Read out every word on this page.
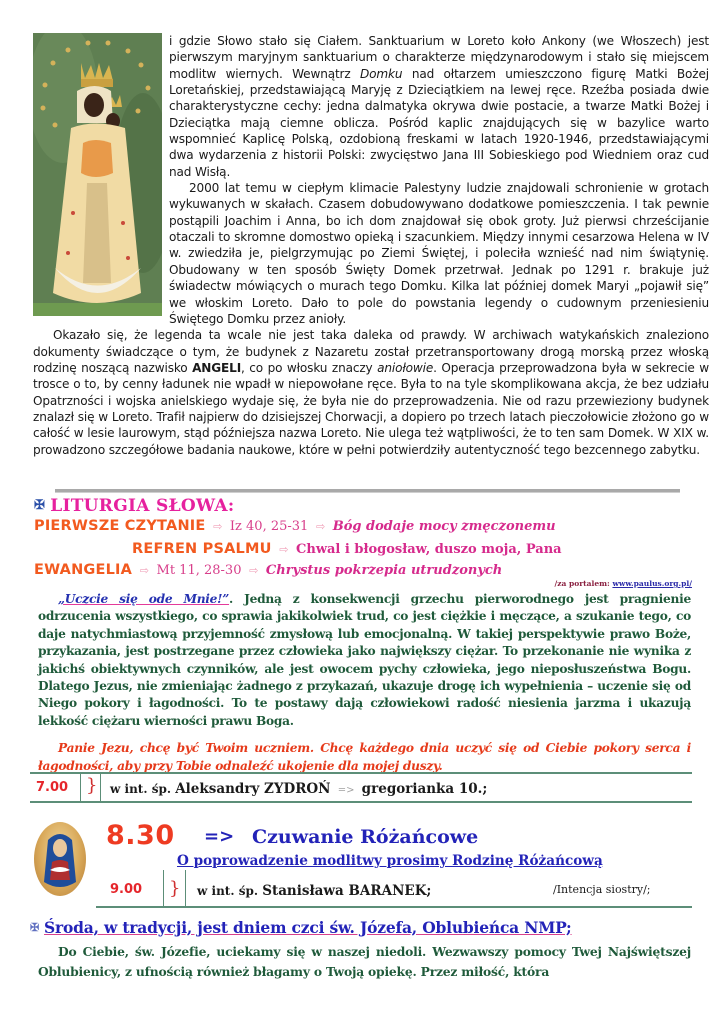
i gdzie Słowo stało się Ciałem. Sanktuarium w Loreto koło Ankony (we Włoszech) jest pierwszym maryjnym sanktuarium o charakterze międzynarodowym i stało się miejscem modlitw wiernych. Wewnątrz Domku nad ołtarzem umieszczono figurę Matki Bożej Loretańskiej, przedstawiającą Maryję z Dzieciątkiem na lewej ręce. Rzeźba posiada dwie charakterystyczne cechy: jedna dalmatyka okrywa dwie postacie, a twarze Matki Bożej i Dzieciątka mają ciemne oblicza. Pośród kaplic znajdujących się w bazylice warto wspomnieć Kaplicę Polską, ozdobioną freskami w latach 1920-1946, przedstawiającymi dwa wydarzenia z historii Polski: zwycięstwo Jana III Sobieskiego pod Wiedniem oraz cud nad Wisłą.

2000 lat temu w ciepłym klimacie Palestyny ludzie znajdowali schronienie w grotach wykuwanych w skałach. Czasem dobudowywano dodatkowe pomieszczenia. I tak pewnie postąpili Joachim i Anna, bo ich dom znajdował się obok groty. Już pierwsi chrześcijanie otaczali to skromne domostwo opieką i szacunkiem. Między innymi cesarzowa Helena w IV w. zwiedziła je, pielgrzymując po Ziemi Świętej, i poleciła wznieść nad nim świątynię. Obudowany w ten sposób Święty Domek przetrwał. Jednak po 1291 r. brakuje już świadectw mówiących o murach tego Domku. Kilka lat później domek Maryi „pojawił się” we włoskim Loreto. Dało to pole do powstania legendy o cudownym przeniesieniu Świętego Domku przez anioły.

Okazało się, że legenda ta wcale nie jest taka daleka od prawdy. W archiwach watykańskich znaleziono dokumenty świadczące o tym, że budynek z Nazaretu został przetransportowany drogą morską przez włoską rodzinę noszącą nazwisko ANGELI, co po włosku znaczy aniołowie. Operacja przeprowadzona była w sekrecie w trosce o to, by cenny ładunek nie wpadł w niepowołane ręce. Była to na tyle skomplikowana akcja, że bez udziału Opatrzności i wojska anielskiego wydaje się, że była nie do przeprowadzenia. Nie od razu przewieziony budynek znalazł się w Loreto. Trafił najpierw do dzisiejszej Chorwacji, a dopiero po trzech latach pieczołowicie złożono go w całość w lesie laurowym, stąd późniejsza nazwa Loreto. Nie ulega też wątpliwości, że to ten sam Domek. W XIX w. prowadzono szczegółowe badania naukowe, które w pełni potwierdziły autentyczność tego bezcennego zabytku.

✠ LITURGIA SŁOWA:
PIERWSZE CZYTANIE ⇨ Iz 40, 25-31 ⇨ Bóg dodaje mocy zmęczonemu
REFREN PSALMU ⇨ Chwal i błogosław, duszo moja, Pana
EWANGELIA ⇨ Mt 11, 28-30 ⇨ Chrystus pokrzepia utrudzonych
/za portalem: www.paulus.org.pl/
„Uczcie się ode Mnie!”. Jedną z konsekwencji grzechu pierworodnego jest pragnienie odrzucenia wszystkiego, co sprawia jakikolwiek trud, co jest ciężkie i męczące, a szukanie tego, co daje natychmiastową przyjemność zmysłową lub emocjonalną. W takiej perspektywie prawo Boże, przykazania, jest postrzegane przez człowieka jako największy ciężar. To przekonanie nie wynika z jakichś obiektywnych czynników, ale jest owocem pychy człowieka, jego nieposłuszeństwa Bogu. Dlatego Jezus, nie zmieniając żadnego z przykazań, ukazuje drogę ich wypełnienia – uczenie się od Niego pokory i łagodności. To te postawy dają człowiekowi radość niesienia jarzma i ukazują lekkość ciężaru wierności prawu Boga.
Panie Jezu, chcę być Twoim uczniem. Chcę każdego dnia uczyć się od Ciebie pokory serca i łagodności, aby przy Tobie odnaleźć ukojenie dla mojej duszy.
7.00 } w int. śp. Aleksandry ZYDROŃ => gregorianka 10.;
8.30 => Czuwanie Różańcowe
O poprowadzenie modlitwy prosimy Rodzinę Różańcową
9.00 } w int. śp. Stanisława BARANEK;	/Intencja siostry/;
✠ Środa, w tradycji, jest dniem czci św. Józefa, Oblubieńca NMP;
Do Ciebie, św. Józefie, uciekamy się w naszej niedoli. Wezwawszy pomocy Twej Najświętszej Oblubienicy, z ufnością również błagamy o Twoją opiekę. Przez miłość, która
